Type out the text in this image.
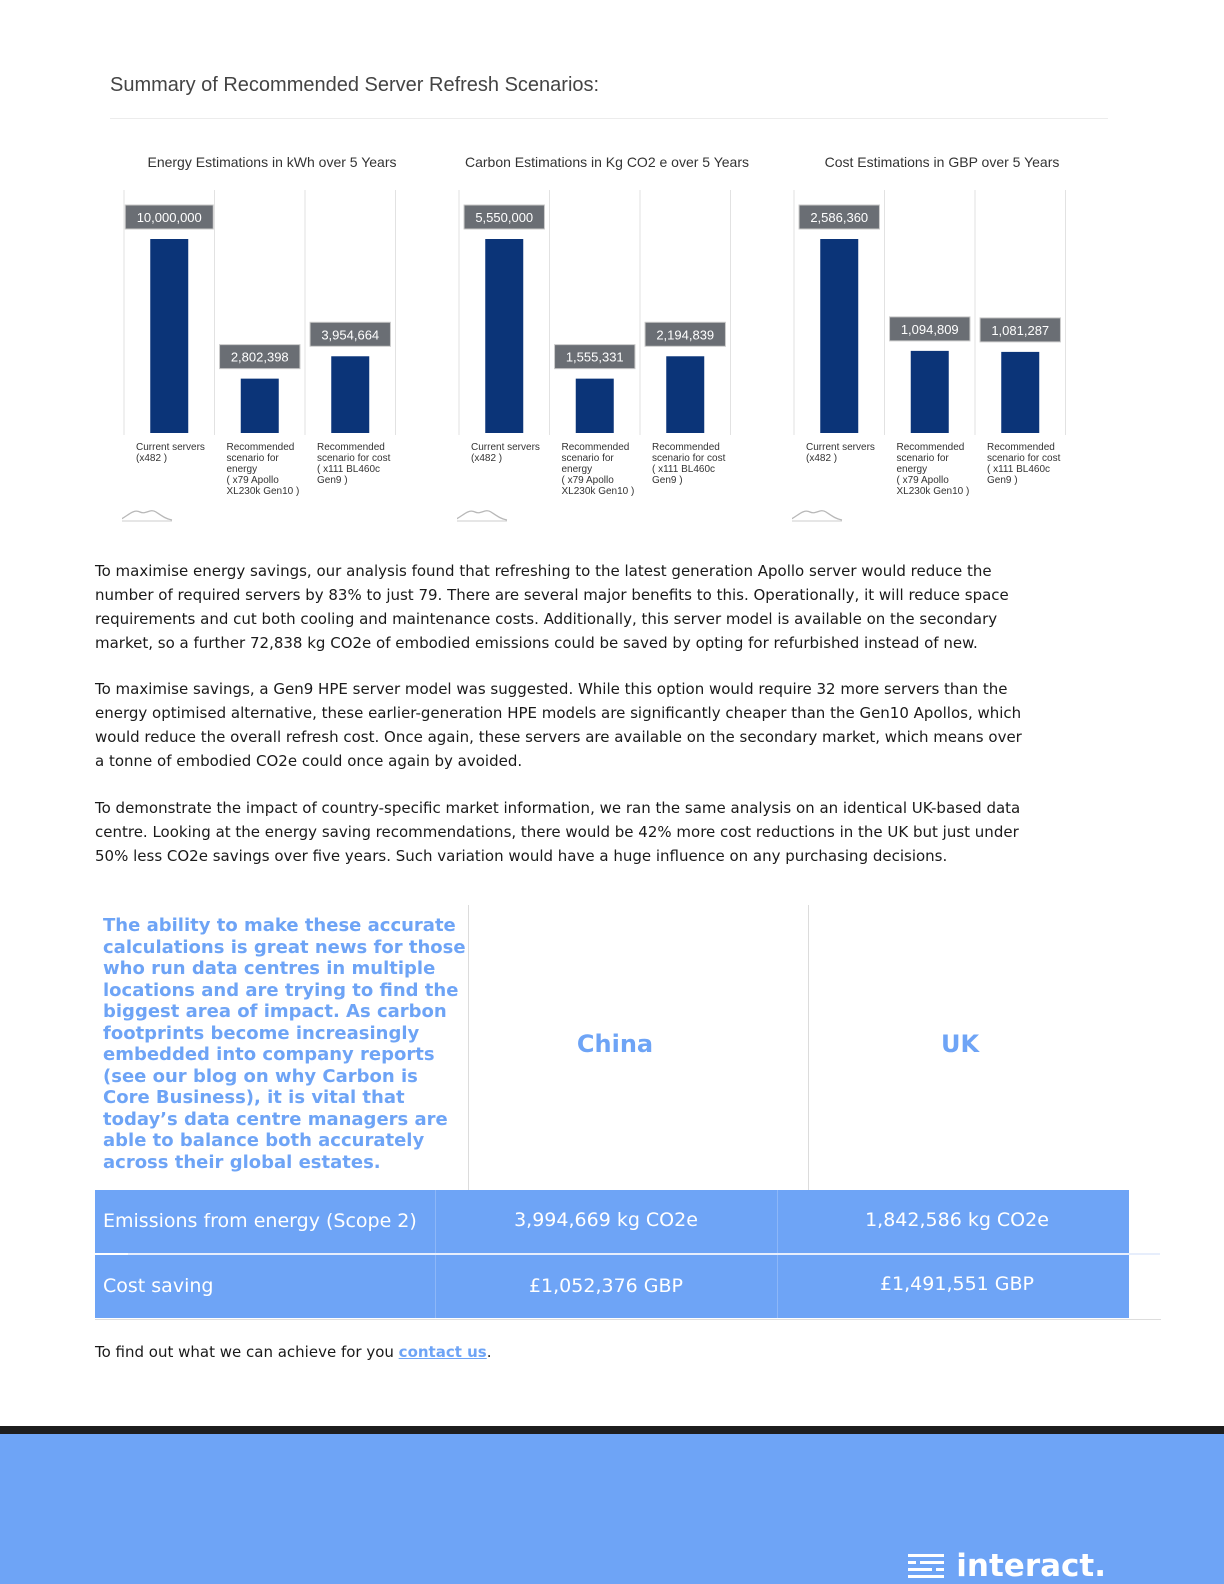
Summary of Recommended Server Refresh Scenarios:
Energy Estimations in kWh over 5 Years
10,000,000
Current servers (x482 )
2,802,398
Recommended scenario for energy ( x79 Apollo XL230k Gen10 )
3,954,664
Recommended scenario for cost ( x111 BL460c Gen9 )
Carbon Estimations in Kg CO2 e over 5 Years
5,550,000
Current servers (x482 )
1,555,331
Recommended scenario for energy ( x79 Apollo XL230k Gen10 )
2,194,839
Recommended scenario for cost ( x111 BL460c Gen9 )
Cost Estimations in GBP over 5 Years
2,586,360
Current servers (x482 )
1,094,809
Recommended scenario for energy ( x79 Apollo XL230k Gen10 )
1,081,287
Recommended scenario for cost ( x111 BL460c Gen9 )

To maximise energy savings, our analysis found that refreshing to the latest generation Apollo server would reduce the number of required servers by 83% to just 79. There are several major benefits to this. Operationally, it will reduce space requirements and cut both cooling and maintenance costs. Additionally, this server model is available on the secondary market, so a further 72,838 kg CO2e of embodied emissions could be saved by opting for refurbished instead of new.

To maximise savings, a Gen9 HPE server model was suggested. While this option would require 32 more servers than the energy optimised alternative, these earlier-generation HPE models are significantly cheaper than the Gen10 Apollos, which would reduce the overall refresh cost. Once again, these servers are available on the secondary market, which means over a tonne of embodied CO2e could once again by avoided.

To demonstrate the impact of country-specific market information, we ran the same analysis on an identical UK-based data centre. Looking at the energy saving recommendations, there would be 42% more cost reductions in the UK but just under 50% less CO2e savings over five years. Such variation would have a huge influence on any purchasing decisions.

The ability to make these accurate calculations is great news for those who run data centres in multiple locations and are trying to find the biggest area of impact. As carbon footprints become increasingly embedded into company reports (see our blog on why Carbon is Core Business), it is vital that today’s data centre managers are able to balance both accurately across their global estates.

China	UK
Emissions from energy (Scope 2)	3,994,669 kg CO2e	1,842,586 kg CO2e
Cost saving	£1,052,376 GBP	£1,491,551 GBP
To find out what we can achieve for you contact us.
interact.
